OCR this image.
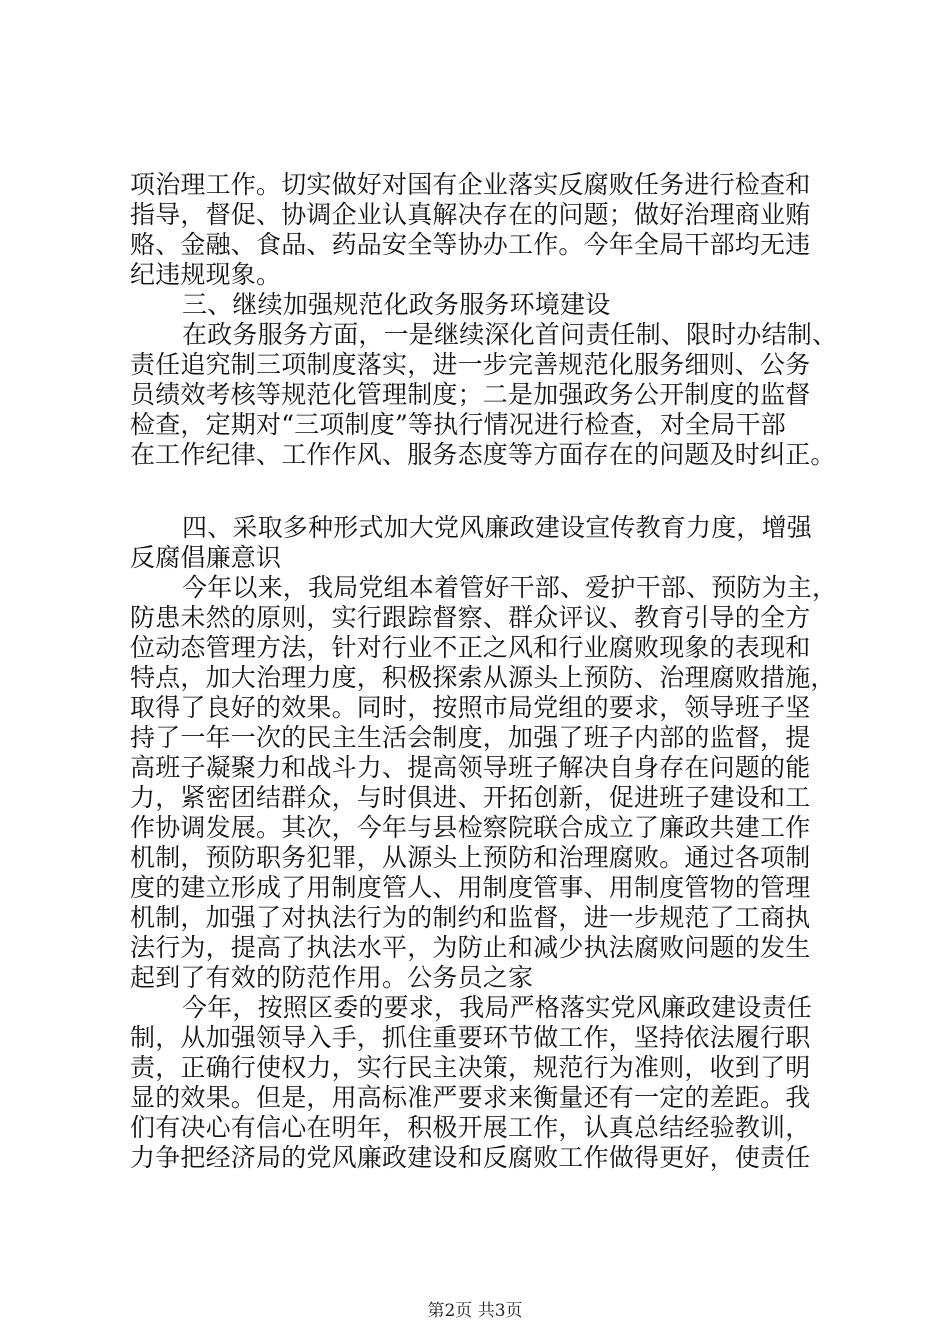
项治理工作。切实做好对国有企业落实反腐败任务进行检查和
指导，督促、协调企业认真解决存在的问题；做好治理商业贿
赂、金融、食品、药品安全等协办工作。今年全局干部均无违
纪违规现象。
三、继续加强规范化政务服务环境建设
在政务服务方面，一是继续深化首问责任制、限时办结制、
责任追究制三项制度落实，进一步完善规范化服务细则、公务
员绩效考核等规范化管理制度；二是加强政务公开制度的监督
检查，定期对“三项制度”等执行情况进行检查，对全局干部
在工作纪律、工作作风、服务态度等方面存在的问题及时纠正。
四、采取多种形式加大党风廉政建设宣传教育力度，增强
反腐倡廉意识
今年以来，我局党组本着管好干部、爱护干部、预防为主，
防患未然的原则，实行跟踪督察、群众评议、教育引导的全方
位动态管理方法，针对行业不正之风和行业腐败现象的表现和
特点，加大治理力度，积极探索从源头上预防、治理腐败措施，
取得了良好的效果。同时，按照市局党组的要求，领导班子坚
持了一年一次的民主生活会制度，加强了班子内部的监督，提
高班子凝聚力和战斗力、提高领导班子解决自身存在问题的能
力，紧密团结群众，与时俱进、开拓创新，促进班子建设和工
作协调发展。其次，今年与县检察院联合成立了廉政共建工作
机制，预防职务犯罪，从源头上预防和治理腐败。通过各项制
度的建立形成了用制度管人、用制度管事、用制度管物的管理
机制，加强了对执法行为的制约和监督，进一步规范了工商执
法行为，提高了执法水平，为防止和减少执法腐败问题的发生
起到了有效的防范作用。公务员之家
今年，按照区委的要求，我局严格落实党风廉政建设责任
制，从加强领导入手，抓住重要环节做工作，坚持依法履行职
责，正确行使权力，实行民主决策，规范行为准则，收到了明
显的效果。但是，用高标准严要求来衡量还有一定的差距。我
们有决心有信心在明年，积极开展工作，认真总结经验教训，
力争把经济局的党风廉政建设和反腐败工作做得更好，使责任
第2页 共3页
